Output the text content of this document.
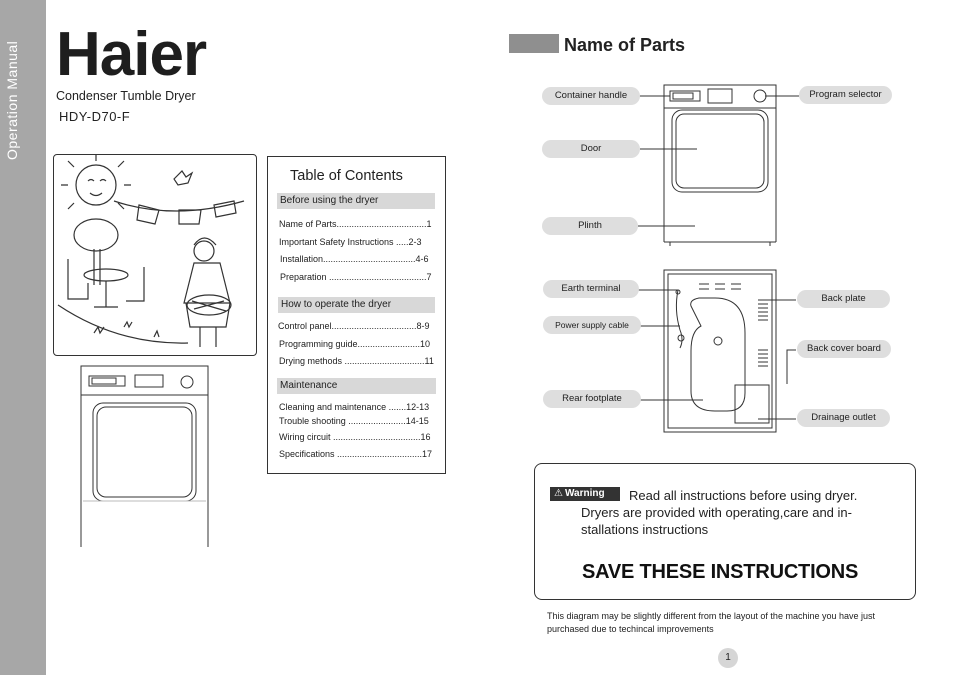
Operation Manual Haier
Condenser Tumble Dryer
HDY-D70-F
Table of Contents
Before using the dryer
Name of Parts....................................1
Important Safety Instructions .....2-3
Installation.....................................4-6
Preparation .......................................7
How to operate the dryer
Control panel..................................8-9
Programming guide.........................10
Drying methods ................................11
Maintenance
Cleaning and maintenance .......12-13
Trouble shooting .......................14-15
Wiring circuit ...................................16
Specifications ..................................17
Name of Parts
Container handle	Program selector
Door
Plinth
Earth terminal
Back plate
Power supply cable
Back cover board
Rear footplate
Drainage outlet
⚠ Warning	Read all instructions before using dryer.
Dryers are provided with operating,care and in-stallations instructions
SAVE THESE INSTRUCTIONS
This diagram may be slightly different from the layout of the machine you have just purchased due to techincal improvements
1
